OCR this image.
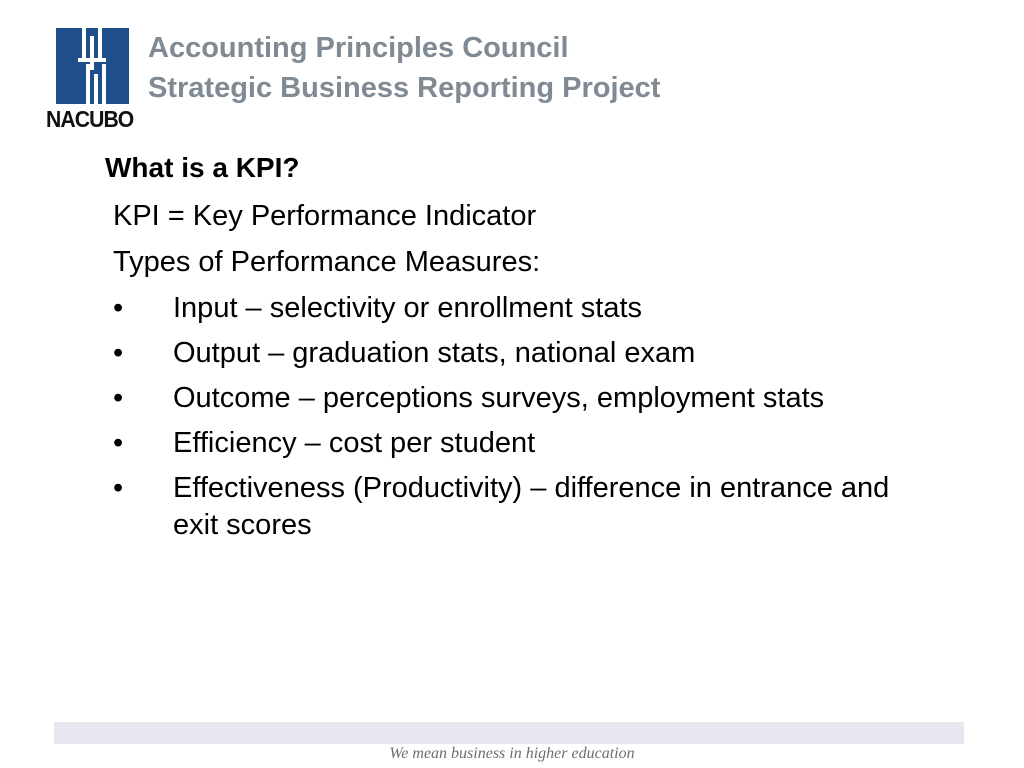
NACUBO
Accounting Principles Council
Strategic Business Reporting Project
What is a KPI?
KPI = Key Performance Indicator
Types of Performance Measures:
• Input – selectivity or enrollment stats
• Output – graduation stats, national exam
• Outcome – perceptions surveys, employment stats
• Efficiency – cost per student
• Effectiveness (Productivity) – difference in entrance and exit scores
We mean business in higher education
